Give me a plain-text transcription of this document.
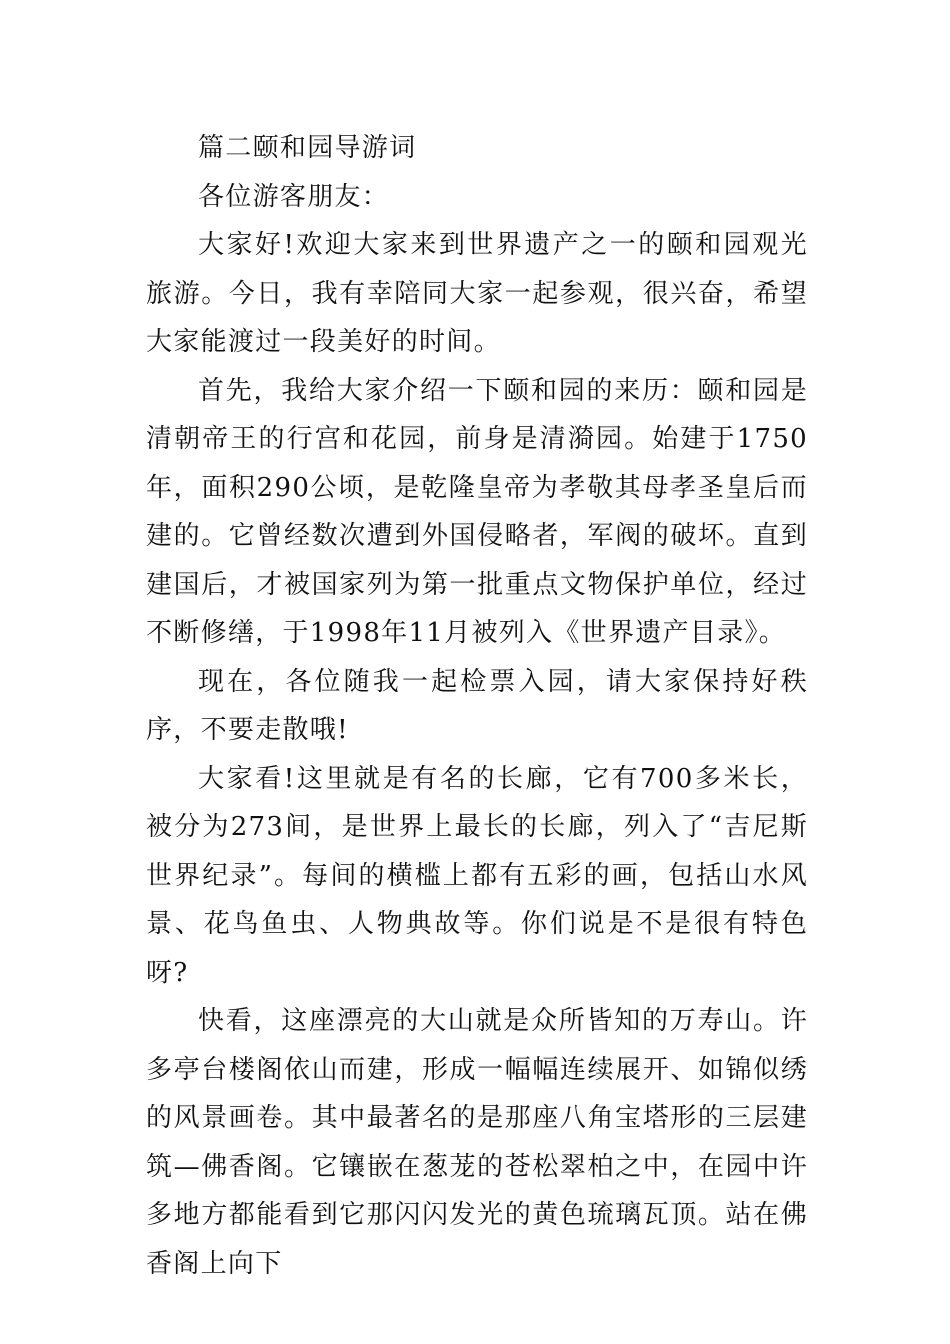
篇二颐和园导游词

各位游客朋友：

大家好!欢迎大家来到世界遗产之一的颐和园观光旅游。今日，我有幸陪同大家一起参观，很兴奋，希望大家能渡过一段美好的时间。

首先，我给大家介绍一下颐和园的来历：颐和园是清朝帝王的行宫和花园，前身是清漪园。始建于1750年，面积290公顷，是乾隆皇帝为孝敬其母孝圣皇后而建的。它曾经数次遭到外国侵略者，军阀的破坏。直到建国后，才被国家列为第一批重点文物保护单位，经过不断修缮，于1998年11月被列入《世界遗产目录》。

现在，各位随我一起检票入园，请大家保持好秩序，不要走散哦!

大家看!这里就是有名的长廊，它有700多米长，被分为273间，是世界上最长的长廊，列入了“吉尼斯世界纪录”。每间的横槛上都有五彩的画，包括山水风景、花鸟鱼虫、人物典故等。你们说是不是很有特色呀?

快看，这座漂亮的大山就是众所皆知的万寿山。许多亭台楼阁依山而建，形成一幅幅连续展开、如锦似绣的风景画卷。其中最著名的是那座八角宝塔形的三层建筑—佛香阁。它镶嵌在葱茏的苍松翠柏之中，在园中许多地方都能看到它那闪闪发光的黄色琉璃瓦顶。站在佛香阁上向下
